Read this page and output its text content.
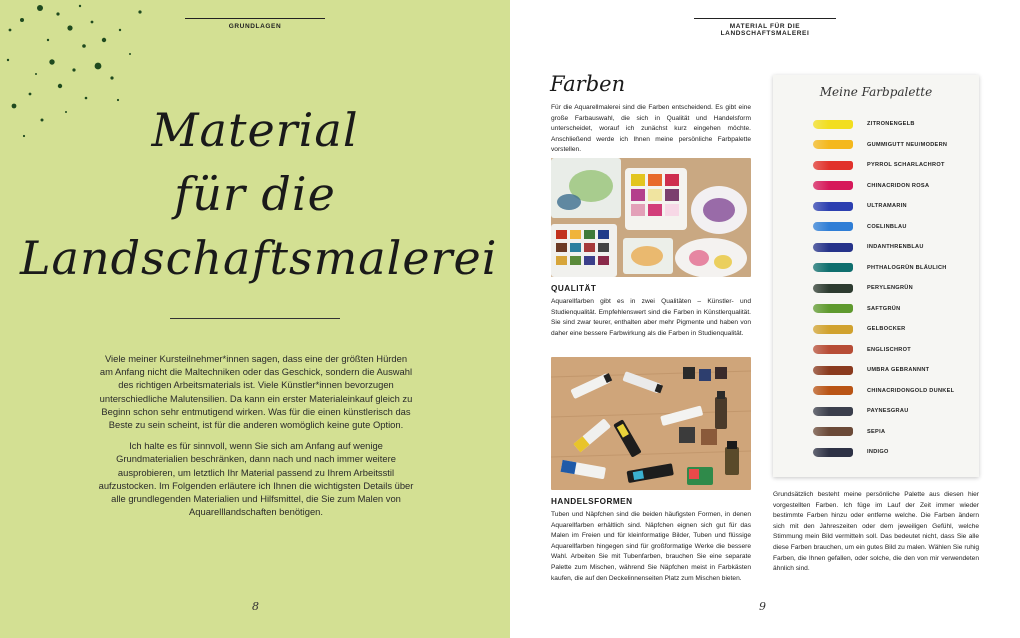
GRUNDLAGEN
Material
für die
Landschaftsmalerei

Viele meiner Kursteilnehmer*innen sagen, dass eine der größten Hürden am Anfang nicht die Maltechniken oder das Geschick, sondern die Auswahl des richtigen Arbeitsmaterials ist. Viele Künstler*innen bevorzugen unterschiedliche Malutensilien. Da kann ein erster Materialeinkauf gleich zu Beginn schon sehr entmutigend wirken. Was für die einen künstlerisch das Beste zu sein scheint, ist für die anderen womöglich keine gute Option.

Ich halte es für sinnvoll, wenn Sie sich am Anfang auf wenige Grundmaterialien beschränken, dann nach und nach immer weitere ausprobieren, um letztlich Ihr Material passend zu Ihrem Arbeitsstil aufzustocken. Im Folgenden erläutere ich Ihnen die wichtigsten Details über alle grundlegenden Materialien und Hilfsmittel, die Sie zum Malen von Aquarelllandschaften benötigen.

8
MATERIAL FÜR DIE LANDSCHAFTSMALEREI
Farben
Für die Aquarellmalerei sind die Farben entscheidend. Es gibt eine große Farbauswahl, die sich in Qualität und Handelsform unterscheidet, worauf ich zunächst kurz eingehen möchte. Anschließend werde ich Ihnen meine persönliche Farbpalette vorstellen.
QUALITÄT
Aquarellfarben gibt es in zwei Qualitäten – Künstler- und Studienqualität. Empfehlenswert sind die Farben in Künstlerqualität. Sie sind zwar teurer, enthalten aber mehr Pigmente und haben von daher eine bessere Farbwirkung als die Farben in Studienqualität.
HANDELSFORMEN
Tuben und Näpfchen sind die beiden häufigsten Formen, in denen Aquarellfarben erhältlich sind. Näpfchen eignen sich gut für das Malen im Freien und für kleinformatige Bilder, Tuben und flüssige Aquarellfarben hingegen sind für großformatige Werke die bessere Wahl. Arbeiten Sie mit Tubenfarben, brauchen Sie eine separate Palette zum Mischen, während Sie Näpfchen meist in Farbkästen kaufen, die auf den Deckelinnenseiten Platz zum Mischen bieten.
Meine Farbpalette
ZITRONENGELB
GUMMIGUTT NEU/MODERN
PYRROL SCHARLACHROT
CHINACRIDON ROSA
ULTRAMARIN
COELINBLAU
INDANTHRENBLAU
PHTHALOGRÜN BLÄULICH
PERYLENGRÜN
SAFTGRÜN
GELBOCKER
ENGLISCHROT
UMBRA GEBRANNNT
CHINACRIDONGOLD DUNKEL
PAYNESGRAU
SEPIA
INDIGO
Grundsätzlich besteht meine persönliche Palette aus diesen hier vorgestellten Farben. Ich füge im Lauf der Zeit immer wieder bestimmte Farben hinzu oder entferne welche. Die Farben ändern sich mit den Jahreszeiten oder dem jeweiligen Gefühl, welche Stimmung mein Bild vermitteln soll. Das bedeutet nicht, dass Sie alle diese Farben brauchen, um ein gutes Bild zu malen. Wählen Sie ruhig Farben, die Ihnen gefallen, oder solche, die den von mir verwendeten ähnlich sind.
9
